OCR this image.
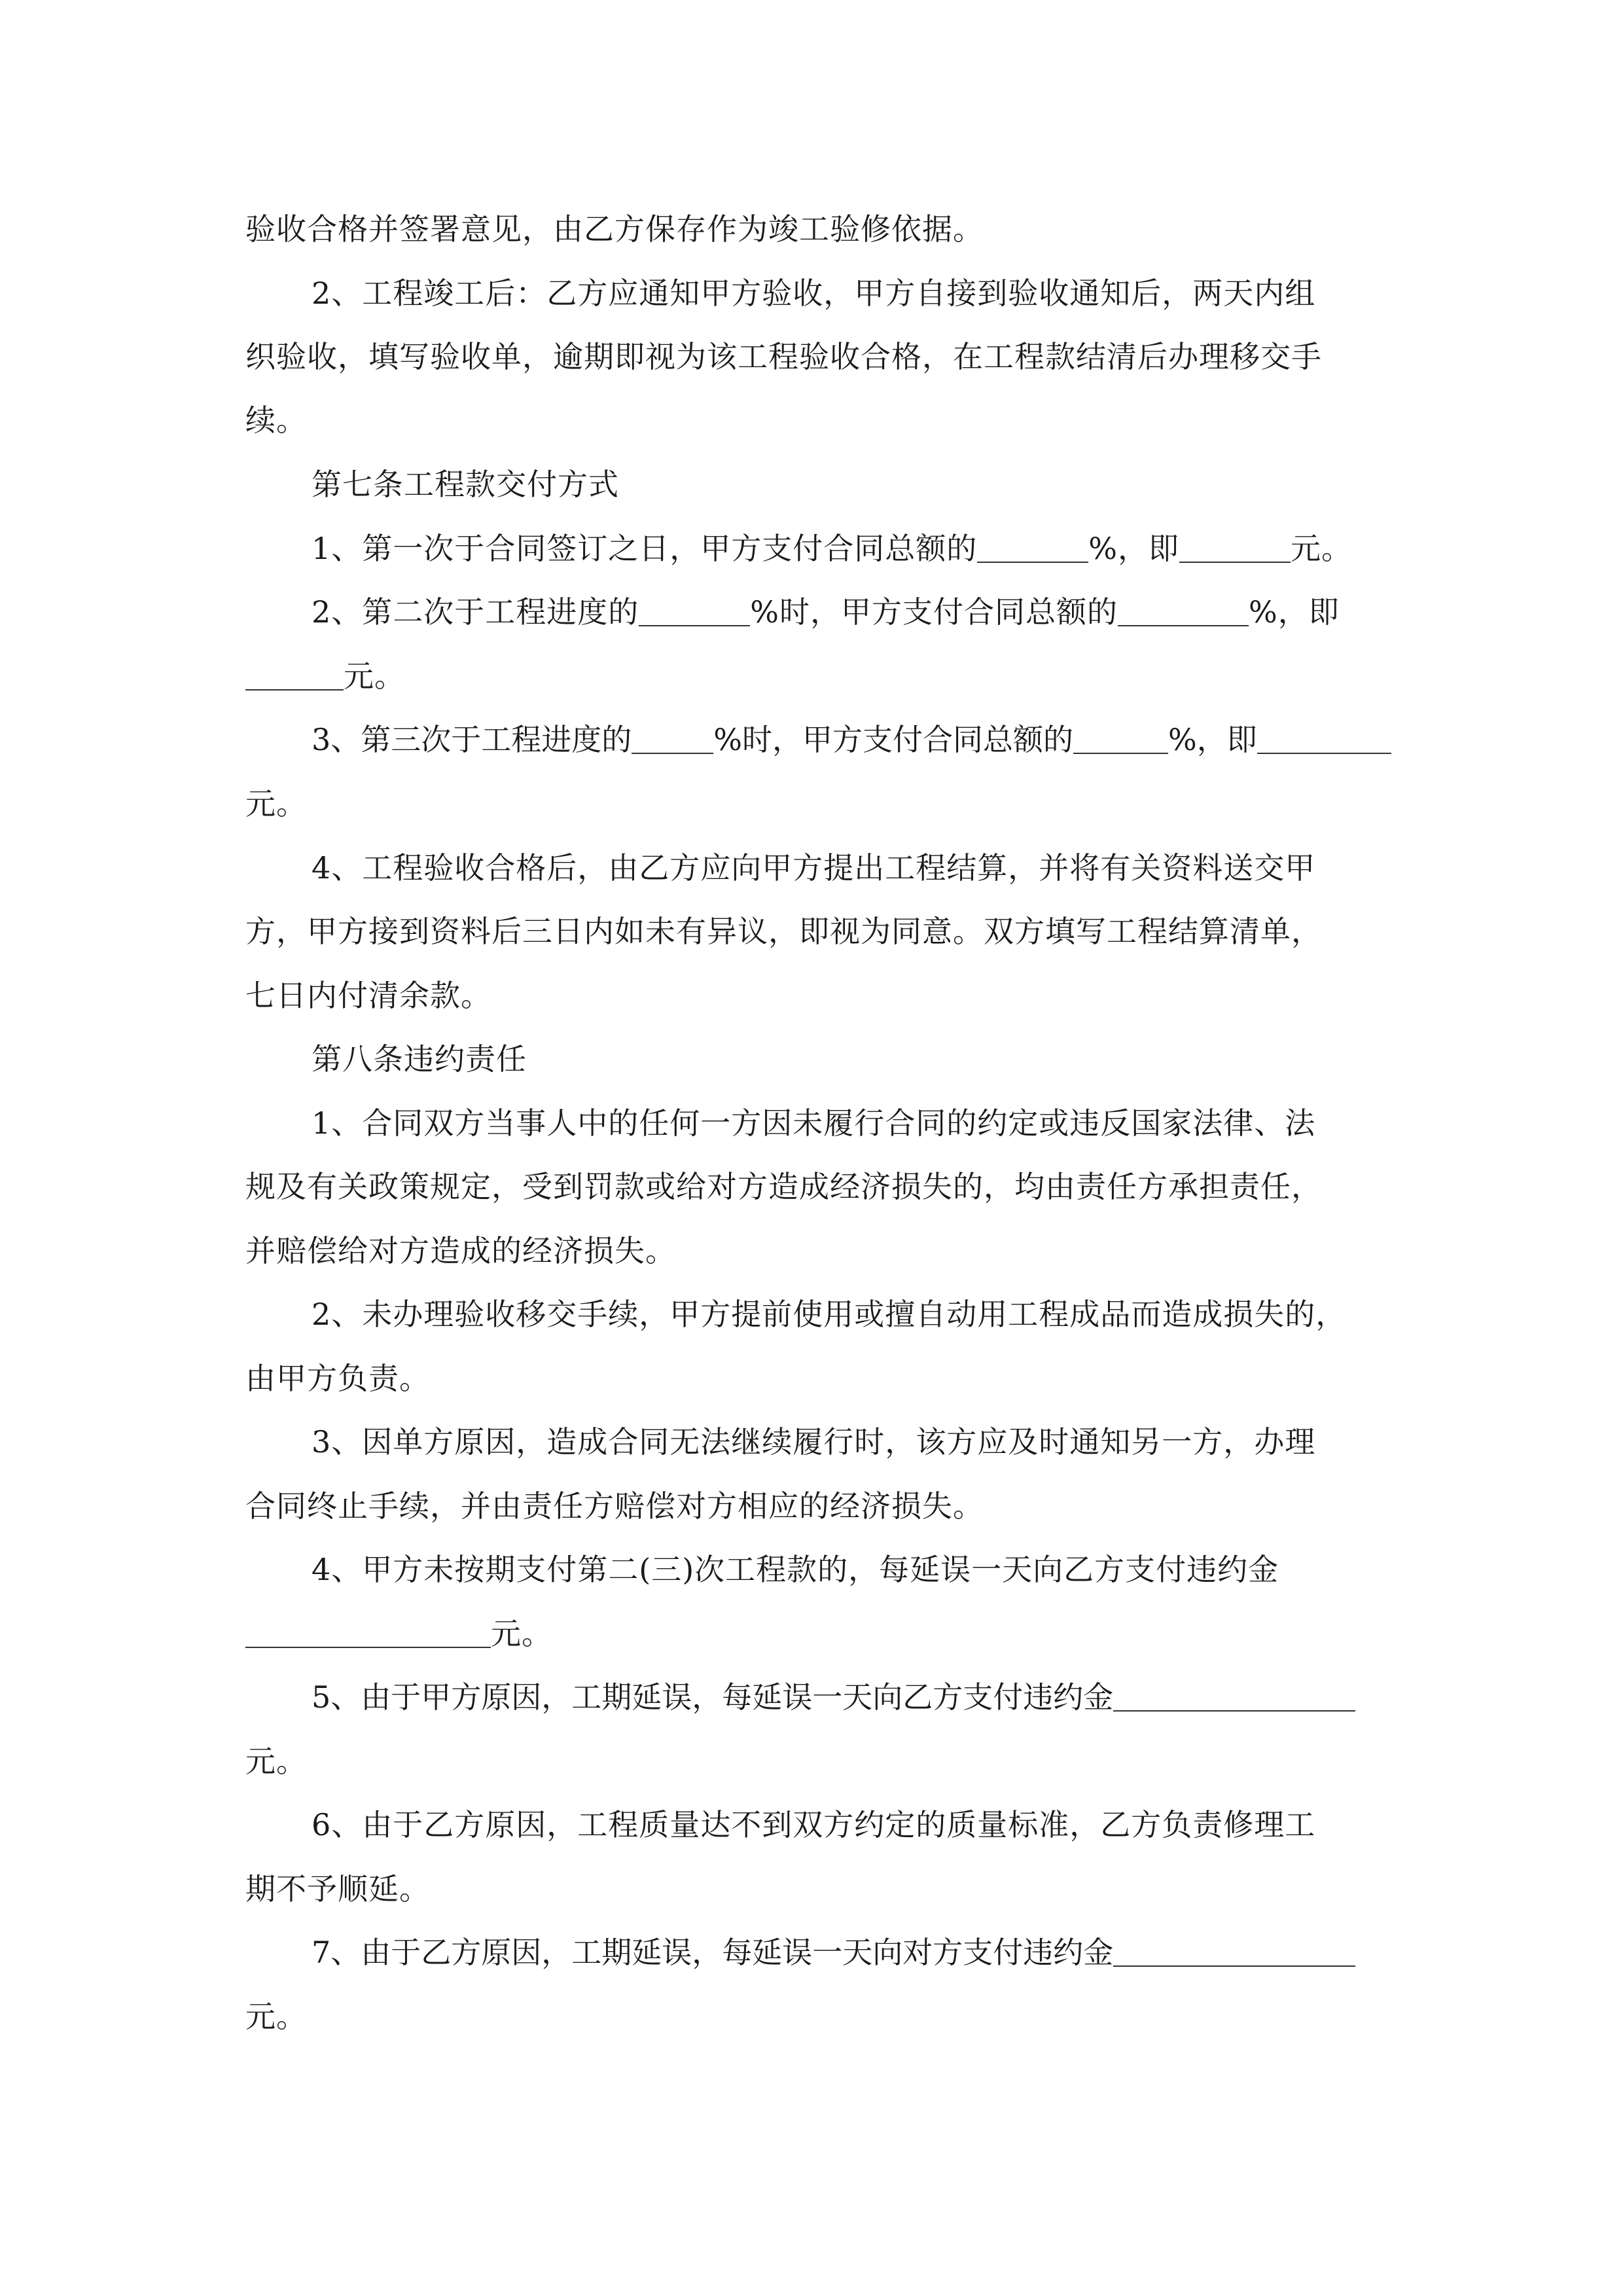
验收合格并签署意见，由乙方保存作为竣工验修依据。
2、工程竣工后：乙方应通知甲方验收，甲方自接到验收通知后，两天内组
织验收，填写验收单，逾期即视为该工程验收合格，在工程款结清后办理移交手
续。
第七条工程款交付方式
1、第一次于合同签订之日，甲方支付合同总额的	%，即	元。
2、第二次于工程进度的	%时，甲方支付合同总额的	%，即
元。
3、第三次于工程进度的	%时，甲方支付合同总额的	%，即
元。
4、工程验收合格后，由乙方应向甲方提出工程结算，并将有关资料送交甲
方，甲方接到资料后三日内如未有异议，即视为同意。双方填写工程结算清单，
七日内付清余款。
第八条违约责任
1、合同双方当事人中的任何一方因未履行合同的约定或违反国家法律、法
规及有关政策规定，受到罚款或给对方造成经济损失的，均由责任方承担责任，
并赔偿给对方造成的经济损失。
2、未办理验收移交手续，甲方提前使用或擅自动用工程成品而造成损失的，
由甲方负责。
3、因单方原因，造成合同无法继续履行时，该方应及时通知另一方，办理
合同终止手续，并由责任方赔偿对方相应的经济损失。
4、甲方未按期支付第二(三)次工程款的，每延误一天向乙方支付违约金
元。
5、由于甲方原因，工期延误，每延误一天向乙方支付违约金
元。
6、由于乙方原因，工程质量达不到双方约定的质量标准，乙方负责修理工
期不予顺延。
7、由于乙方原因，工期延误，每延误一天向对方支付违约金
元。
